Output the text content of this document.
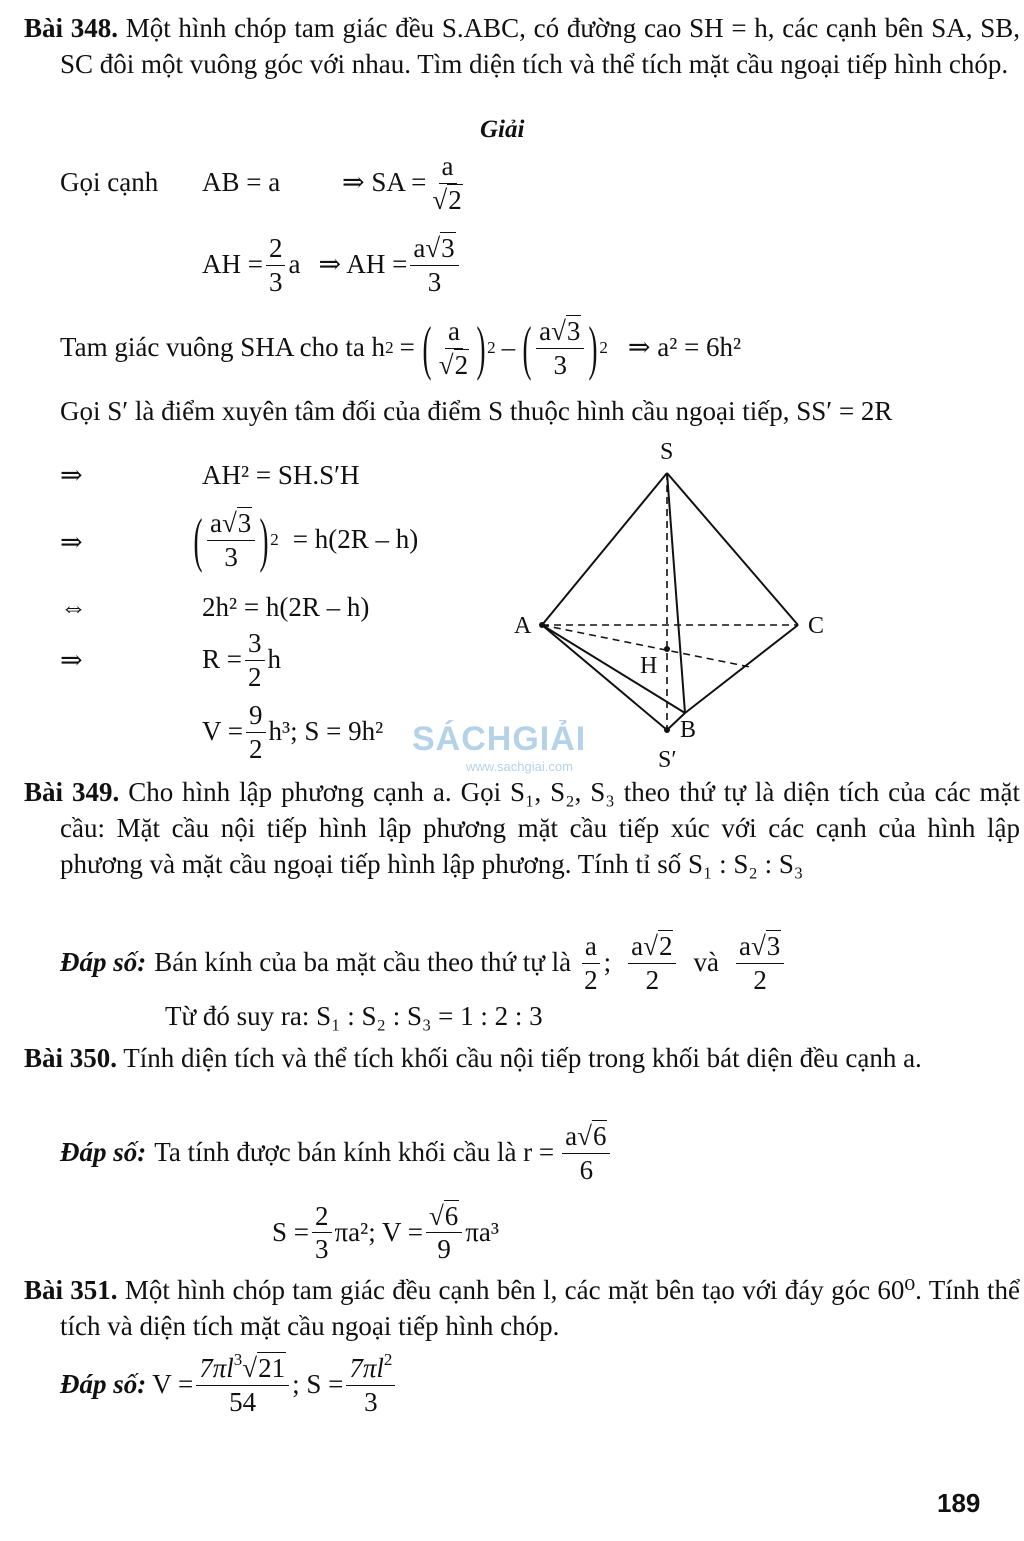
Bài 348. Một hình chóp tam giác đều S.ABC, có đường cao SH = h, các cạnh bên SA, SB, SC đôi một vuông góc với nhau. Tìm diện tích và thể tích mặt cầu ngoại tiếp hình chóp.
Giải
Gọi cạnh	AB = a	⇒ SA = $\frac{a}{√2}$
AH = $\frac{2}{3}$ a ⇒ AH = $\frac{a√3}{3}$
Tam giác vuông SHA cho ta h 2 = ( $\frac{a}{√2}$ ) 2 – ( $\frac{a√3}{3}$ ) 2 ⇒ a² = 6h²
Gọi S′ là điểm xuyên tâm đối của điểm S thuộc hình cầu ngoại tiếp, SS′ = 2R
⇒	AH² = SH.S′H
⇒ ( $\frac{a√3}{3}$ ) 2 = h(2R – h)
⇔	2h² = h(2R – h)
⇒	$R = \frac{3}{2}$ h
$V = \frac{9}{2} h^3$; S = 9h²
S
A	C
H
B
S′
SÁCHGIẢI
www.sachgiai.com
Bài 349. Cho hình lập phương cạnh a. Gọi S₁, S₂, S₃ theo thứ tự là diện tích của các mặt cầu: Mặt cầu nội tiếp hình lập phương mặt cầu tiếp xúc với các cạnh của hình lập phương và mặt cầu ngoại tiếp hình lập phương. Tính tỉ số S₁ : S₂ : S₃
Đáp số: Bán kính của ba mặt cầu theo thứ tự là $\frac{a}{2}$ ; $\frac{a√2}{2}$ và $\frac{a√3}{2}$
Từ đó suy ra: S₁ : S₂ : S₃ = 1 : 2 : 3
Bài 350. Tính diện tích và thể tích khối cầu nội tiếp trong khối bát diện đều cạnh a.
Đáp số: Ta tính được bán kính khối cầu là $r = \frac{a√6}{6}$
$S = \frac{2}{3} \pi a^2$; $V = \frac{√6}{9} \pi a^3$
Bài 351. Một hình chóp tam giác đều cạnh bên l, các mặt bên tạo với đáy góc 60⁰. Tính thể tích và diện tích mặt cầu ngoại tiếp hình chóp.
Đáp số: $V = \frac{7\pi l^3√21}{54}$ ; $S = \frac{7\pi l^2}{3}$
189
